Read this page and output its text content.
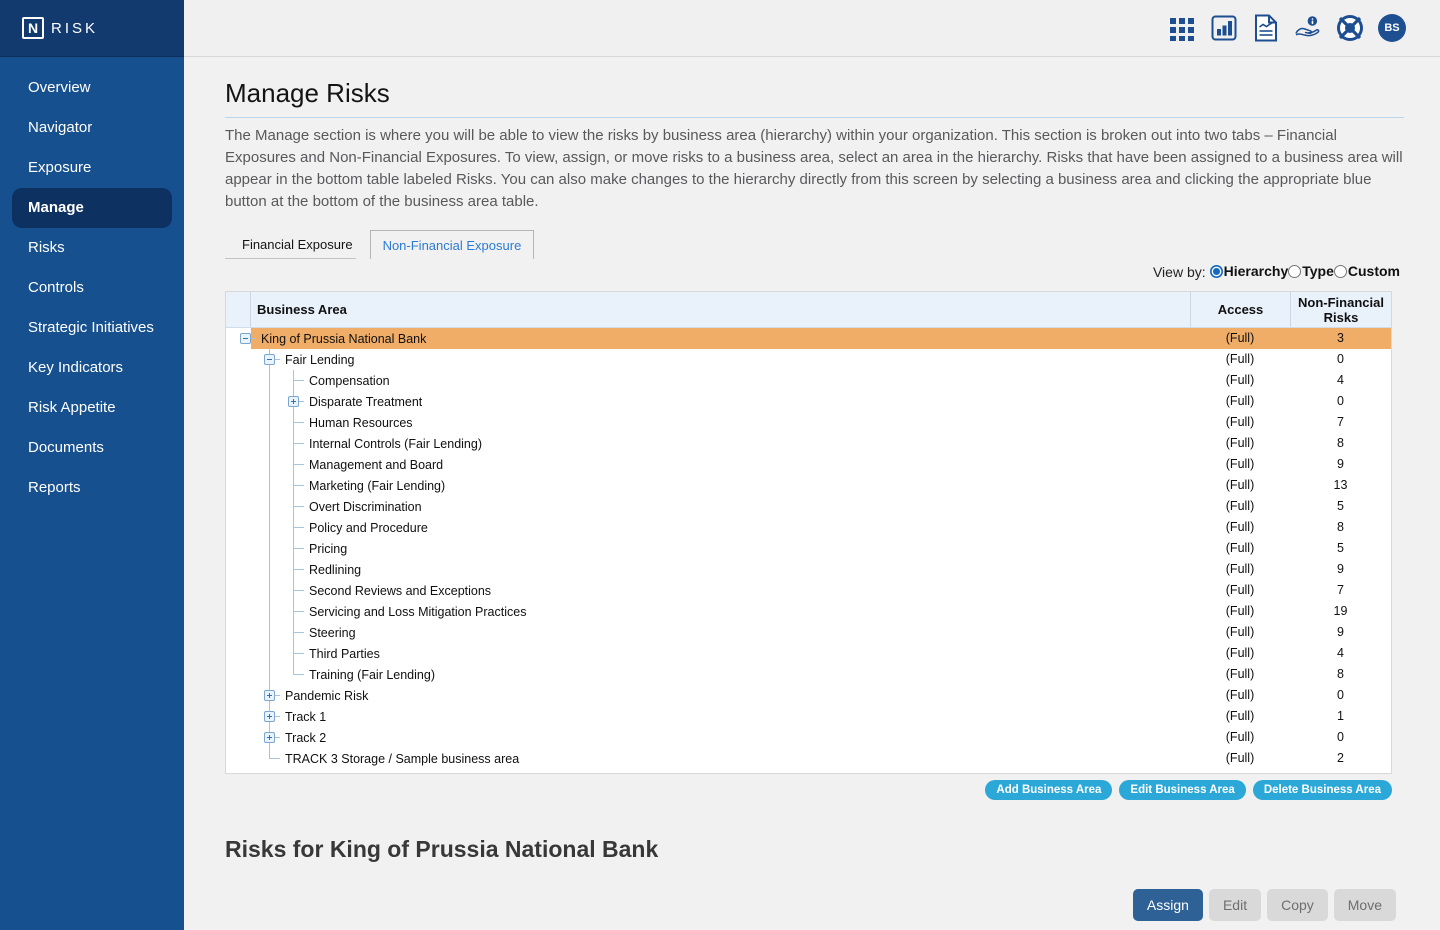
N RISK
Overview
Navigator
Exposure
Manage
Risks
Controls
Strategic Initiatives
Key Indicators
Risk Appetite
Documents
Reports
BS
Manage Risks

The Manage section is where you will be able to view the risks by business area (hierarchy) within your organization. This section is broken out into two tabs – Financial Exposures and Non-Financial Exposures. To view, assign, or move risks to a business area, select an area in the hierarchy. Risks that have been assigned to a business area will appear in the bottom table labeled Risks. You can also make changes to the hierarchy directly from this screen by selecting a business area and clicking the appropriate blue button at the bottom of the business area table.

Financial Exposure	Non-Financial Exposure
View by: Hierarchy Type Custom
Business Area	Access	Non-Financial Risks
King of Prussia National Bank	(Full)	3
Fair Lending	(Full)	0
Compensation	(Full)	4
Disparate Treatment	(Full)	0
Human Resources	(Full)	7
Internal Controls (Fair Lending)	(Full)	8
Management and Board	(Full)	9
Marketing (Fair Lending)	(Full)	13
Overt Discrimination	(Full)	5
Policy and Procedure	(Full)	8
Pricing	(Full)	5
Redlining	(Full)	9
Second Reviews and Exceptions	(Full)	7
Servicing and Loss Mitigation Practices	(Full)	19
Steering	(Full)	9
Third Parties	(Full)	4
Training (Fair Lending)	(Full)	8
Pandemic Risk	(Full)	0
Track 1	(Full)	1
Track 2	(Full)	0
TRACK 3 Storage / Sample business area	(Full)	2
Add Business Area	Edit Business Area	Delete Business Area
Risks for King of Prussia National Bank
Assign	Edit	Copy	Move
